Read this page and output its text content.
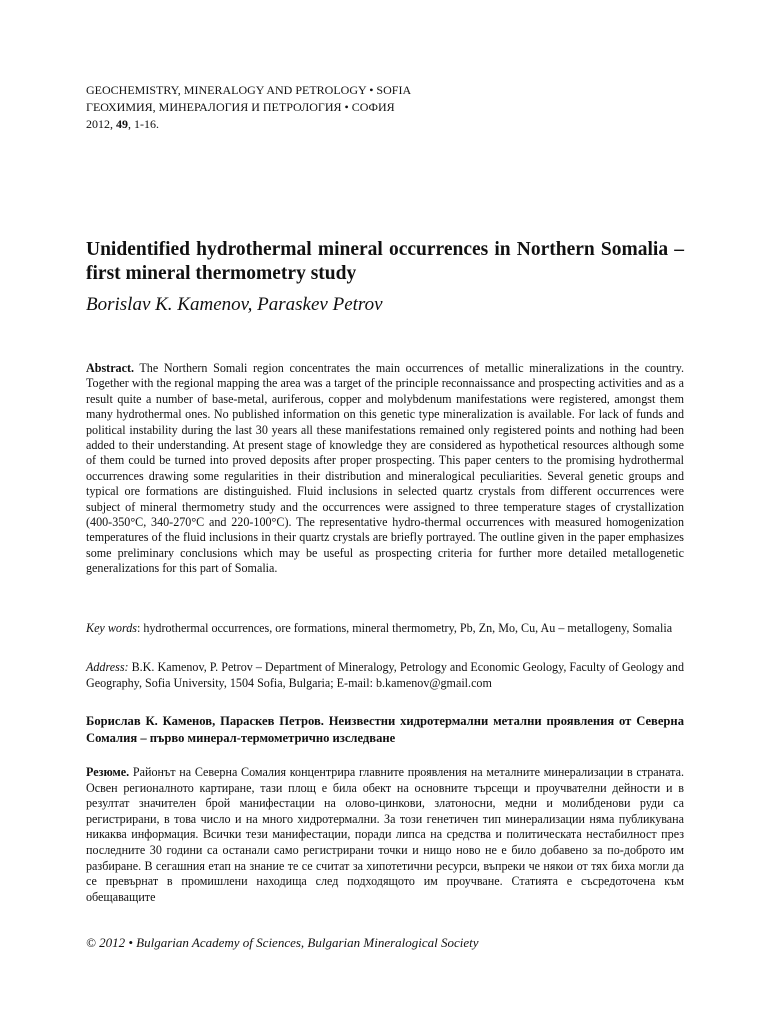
GEOCHEMISTRY, MINERALOGY AND PETROLOGY • SOFIA
ГЕОХИМИЯ, МИНЕРАЛОГИЯ И ПЕТРОЛОГИЯ • СОФИЯ
2012, 49, 1-16.
Unidentified hydrothermal mineral occurrences in Northern Somalia – first mineral thermometry study
Borislav K. Kamenov, Paraskev Petrov
Abstract. The Northern Somali region concentrates the main occurrences of metallic mineralizations in the country. Together with the regional mapping the area was a target of the principle reconnaissance and prospecting activities and as a result quite a number of base-metal, auriferous, copper and molybdenum manifestations were registered, amongst them many hydrothermal ones. No published information on this genetic type mineralization is available. For lack of funds and political instability during the last 30 years all these manifestations remained only registered points and nothing had been added to their understanding. At present stage of knowledge they are considered as hypothetical resources although some of them could be turned into proved deposits after proper prospecting. This paper centers to the promising hydrothermal occurrences drawing some regularities in their distribution and mineralogical peculiarities. Several genetic groups and typical ore formations are distinguished. Fluid inclusions in selected quartz crystals from different occurrences were subject of mineral thermometry study and the occurrences were assigned to three temperature stages of crystallization (400-350°C, 340-270°C and 220-100°C). The representative hydro-thermal occurrences with measured homogenization temperatures of the fluid inclusions in their quartz crystals are briefly portrayed. The outline given in the paper emphasizes some preliminary conclusions which may be useful as prospecting criteria for further more detailed metallogenetic generalizations for this part of Somalia.
Key words: hydrothermal occurrences, ore formations, mineral thermometry, Pb, Zn, Mo, Cu, Au – metallogeny, Somalia
Address: B.K. Kamenov, P. Petrov – Department of Mineralogy, Petrology and Economic Geology, Faculty of Geology and Geography, Sofia University, 1504 Sofia, Bulgaria; E-mail: b.kamenov@gmail.com
Борислав К. Каменов, Параскев Петров. Неизвестни хидротермални метални проявления от Северна Сомалия – първо минерал-термометрично изследване
Резюме. Районът на Северна Сомалия концентрира главните проявления на металните минерализации в страната. Освен регионалното картиране, тази площ е била обект на основните търсещи и проучвателни дейности и в резултат значителен брой манифестации на олово-цинкови, златоносни, медни и молибденови руди са регистрирани, в това число и на много хидротермални. За този генетичен тип минерализации няма публикувана никаква информация. Всички тези манифестации, поради липса на средства и политическата нестабилност през последните 30 години са останали само регистрирани точки и нищо ново не е било добавено за по-доброто им разбиране. В сегашния етап на знание те се считат за хипотетични ресурси, въпреки че някои от тях биха могли да се превърнат в промишлени находища след подходящото им проучване. Статията е съсредоточена към обещаващите
© 2012 • Bulgarian Academy of Sciences, Bulgarian Mineralogical Society
